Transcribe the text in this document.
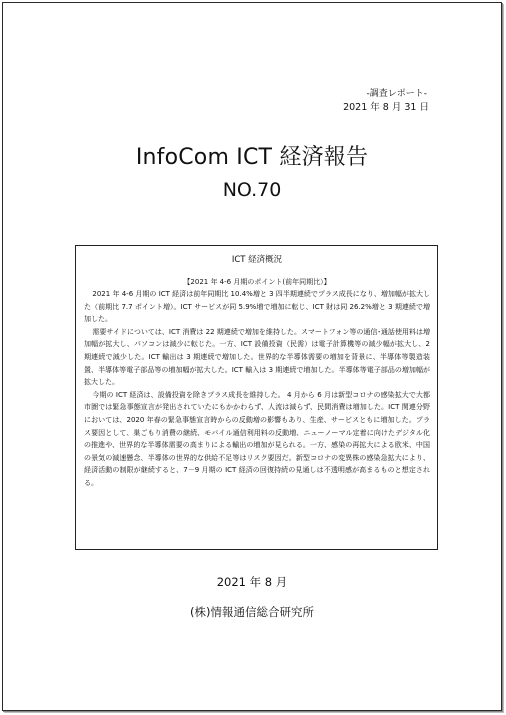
-調査レポート-
2021 年 8 月 31 日
InfoCom ICT 経済報告
NO.70
ICT 経済概況
【2021 年 4-6 月期のポイント(前年同期比）】

2021 年 4-6 月期の ICT 経済は前年同期比 10.4%増と 3 四半期連続でプラス成長になり、増加幅が拡大した（前期比 7.7 ポイント増）。ICT サービスが同 5.9%増で増加に転じ、ICT 財は同 26.2%増と 3 期連続で増加した。

需要サイドについては、ICT 消費は 22 期連続で増加を維持した。スマートフォン等の通信･通話使用料は増加幅が拡大し、パソコンは減少に転じた。一方、ICT 設備投資（民需）は電子計算機等の減少幅が拡大し、2 期連続で減少した。ICT 輸出は 3 期連続で増加した。世界的な半導体需要の増加を背景に、半導体等製造装置、半導体等電子部品等の増加幅が拡大した。ICT 輸入は 3 期連続で増加した。半導体等電子部品の増加幅が拡大した。

今期の ICT 経済は、設備投資を除きプラス成長を維持した。 4 月から 6 月は新型コロナの感染拡大で大都市圏では緊急事態宣言が発出されていたにもかかわらず、人流は減らず、民間消費は増加した。ICT 関連分野においては、2020 年春の緊急事態宣言時からの反動増の影響もあり、生産、サービスともに増加した。プラス要因として、巣ごもり消費の継続、モバイル通信利用料の反動増、ニューノーマル定着に向けたデジタル化の推進や、世界的な半導体需要の高まりによる輸出の増加が見られる。一方、感染の再拡大による欧米、中国の景気の減速懸念、半導体の世界的な供給不足等はリスク要因だ。新型コロナの変異株の感染急拡大により、経済活動の制限が継続すると、7－9 月期の ICT 経済の回復持続の見通しは不透明感が高まるものと想定される。

2021 年 8 月
(株)情報通信総合研究所
